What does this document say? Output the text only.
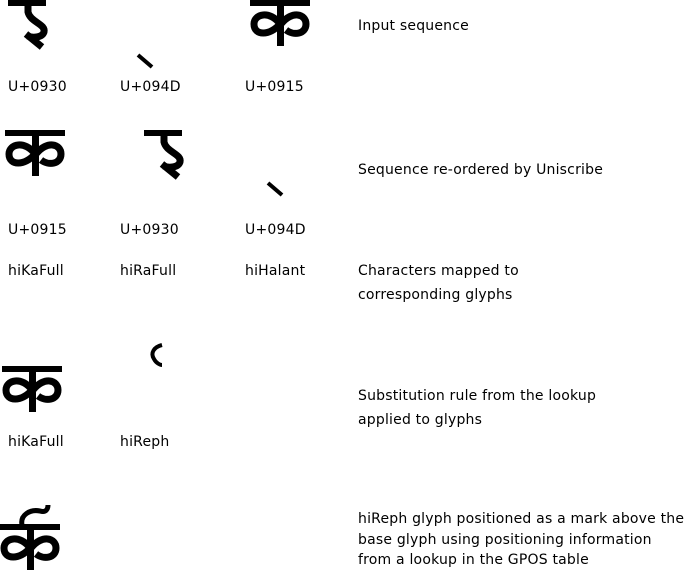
Input sequence
U+0930	U+094D	U+0915
Sequence re-ordered by Uniscribe
U+0915	U+0930	U+094D
hiKaFull	hiRaFull	hiHalant	Characters mapped to
corresponding glyphs
Substitution rule from the lookup
applied to glyphs
hiKaFull	hiReph
hiReph glyph positioned as a mark above the
base glyph using positioning information
from a lookup in the GPOS table
